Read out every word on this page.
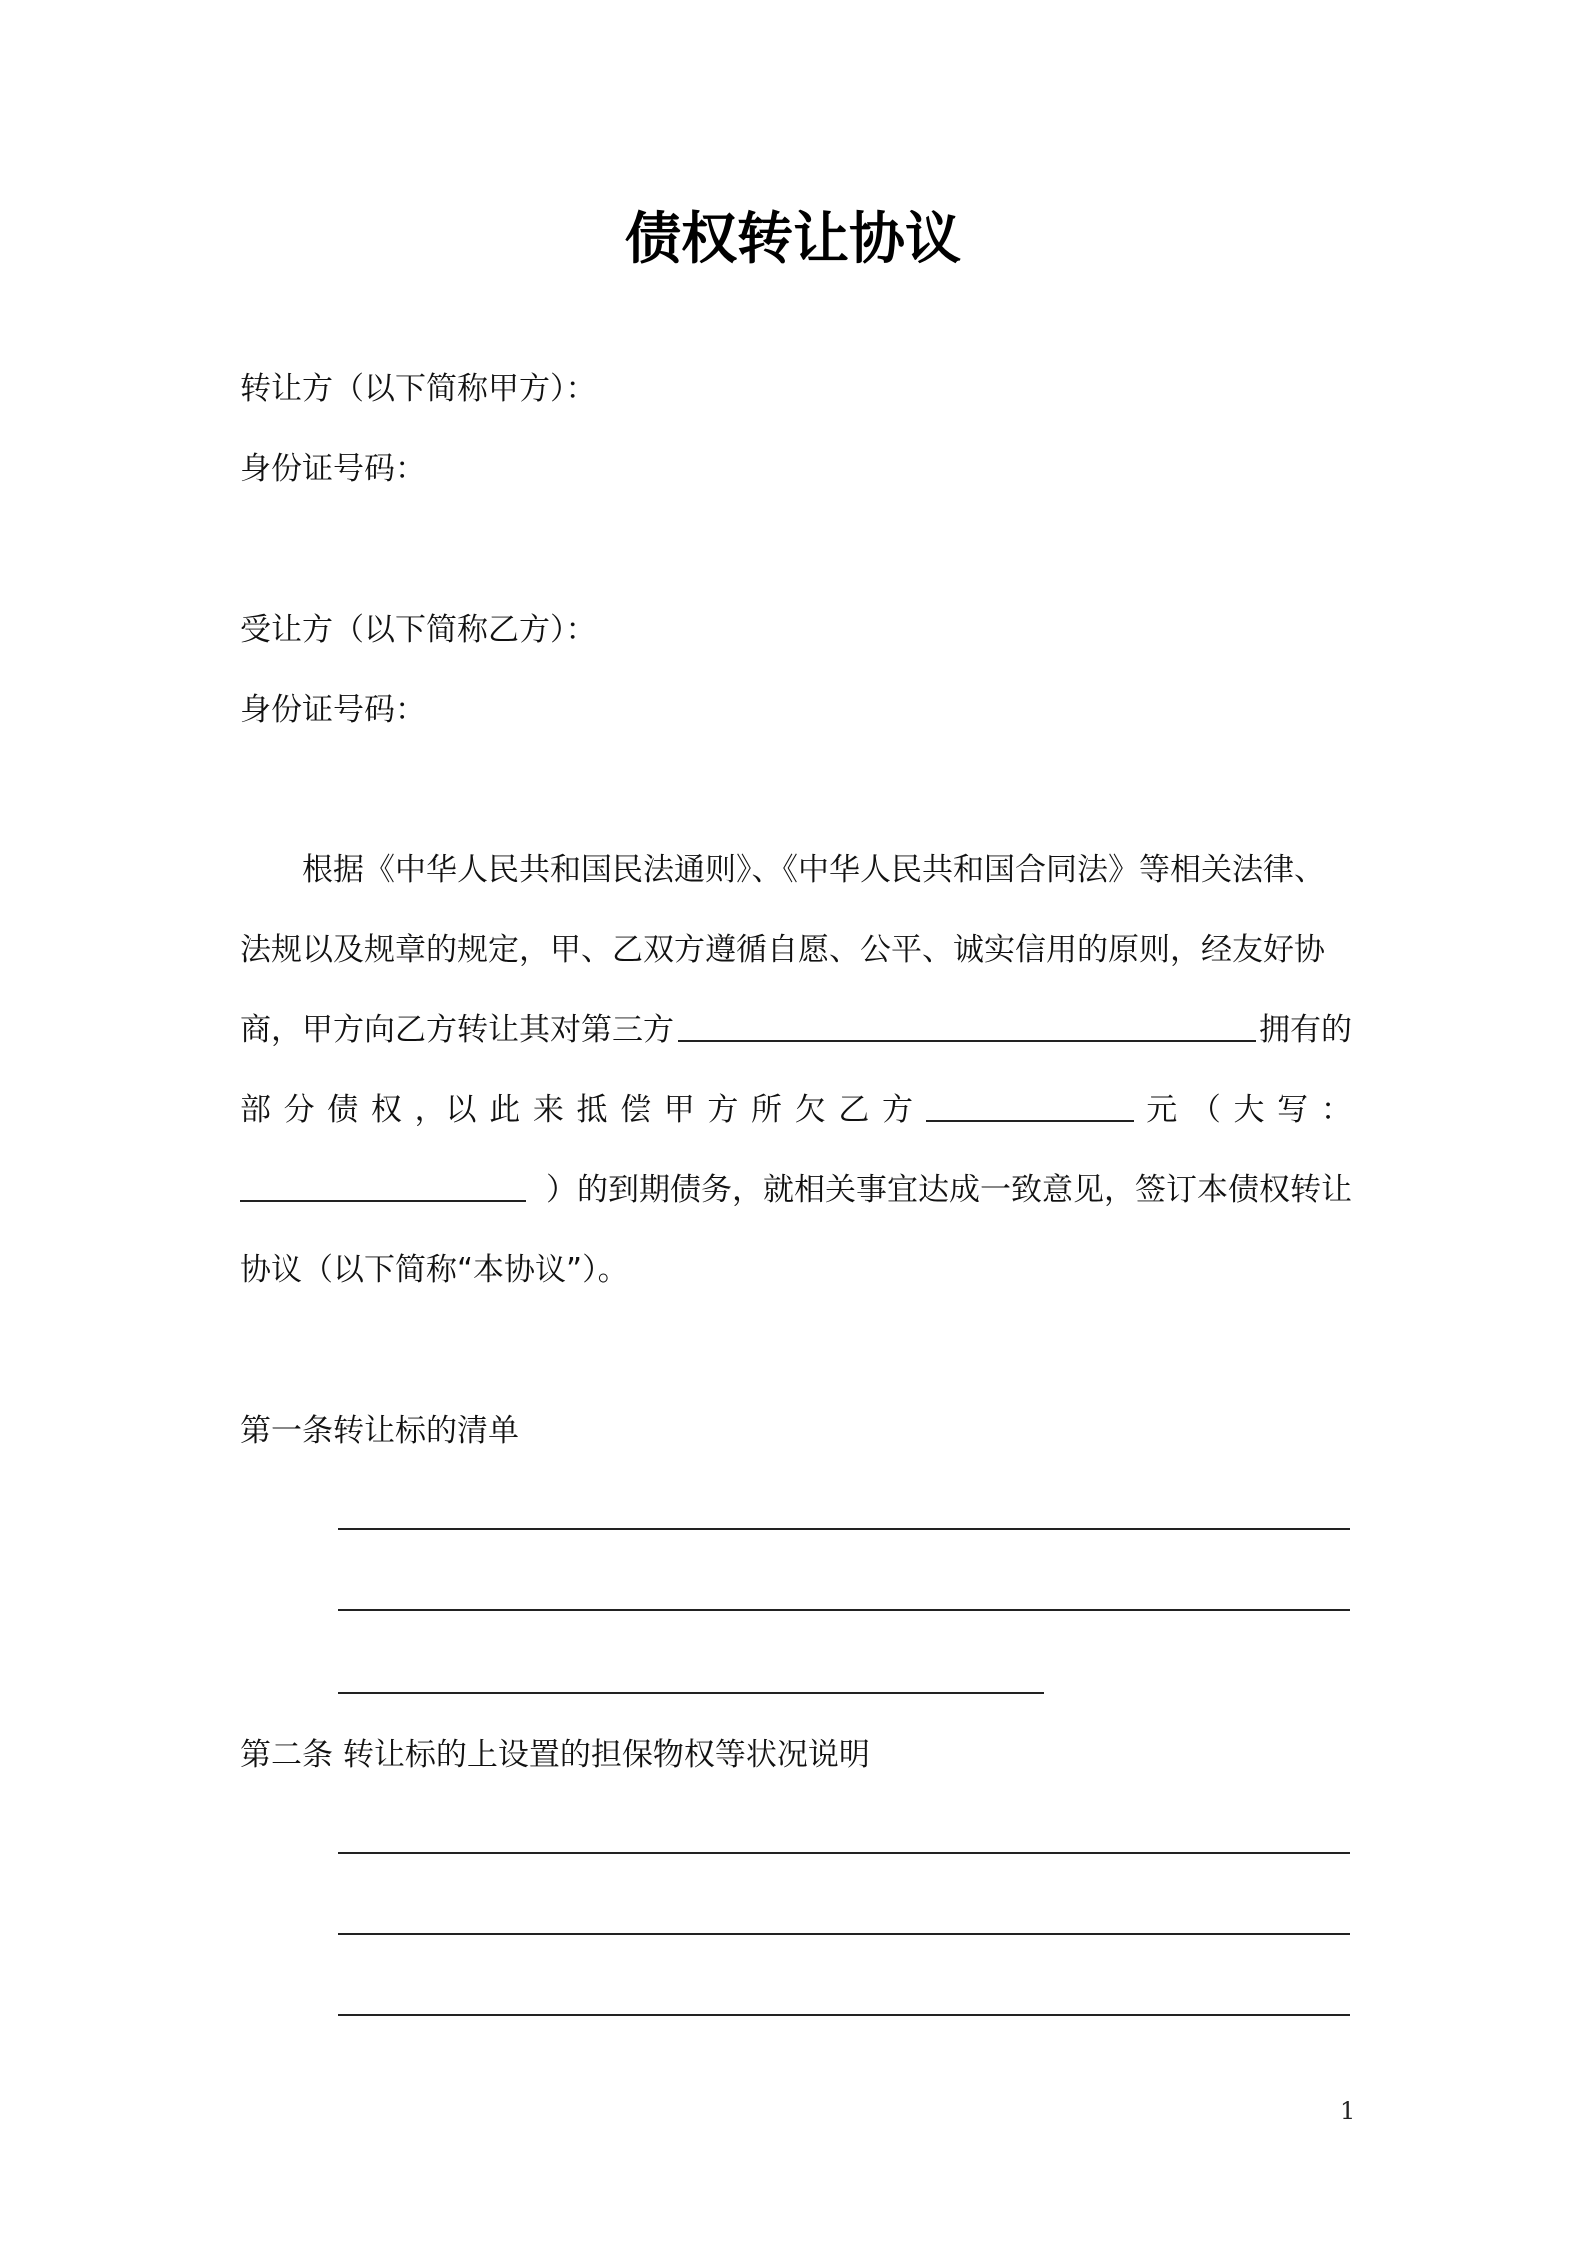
债权转让协议
转让方（以下简称甲方）：
身份证号码：
受让方（以下简称乙方）：
身份证号码：
根据《中华人民共和国民法通则》、《中华人民共和国合同法》等相关法律、
法规以及规章的规定，甲、乙双方遵循自愿、公平、诚实信用的原则，经友好协
商，甲方向乙方转让其对第三方	拥有的
部 分 债 权 ，以 此 来 抵 偿 甲 方 所 欠 乙 方	元 （ 大 写 ：
）的到期债务，就相关事宜达成一致意见，签订本债权转让
协议（以下简称“本协议”）。
第一条转让标的清单
第二条 转让标的上设置的担保物权等状况说明
1
